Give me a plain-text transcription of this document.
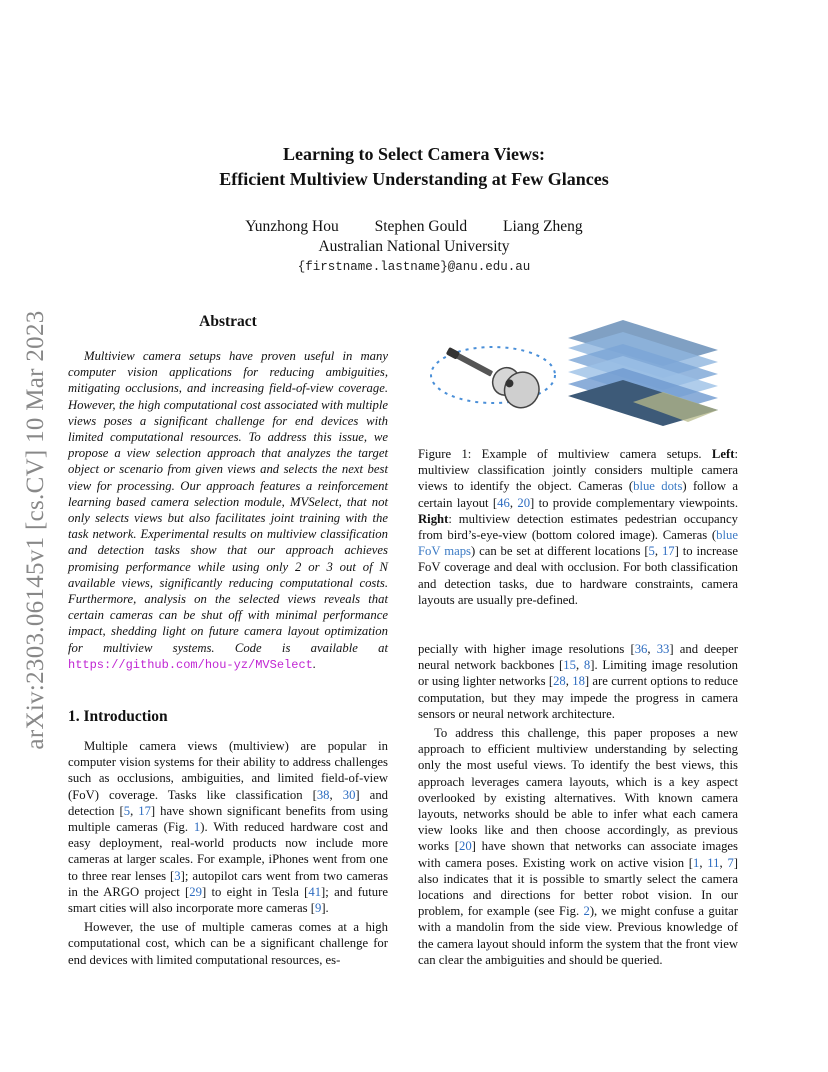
arXiv:2303.06145v1 [cs.CV] 10 Mar 2023
Learning to Select Camera Views:
Efficient Multiview Understanding at Few Glances
Yunzhong Hou Stephen Gould Liang Zheng
Australian National University
{firstname.lastname}@anu.edu.au
Abstract

Multiview camera setups have proven useful in many computer vision applications for reducing ambiguities, mitigating occlusions, and increasing field-of-view coverage. However, the high computational cost associated with multiple views poses a significant challenge for end devices with limited computational resources. To address this issue, we propose a view selection approach that analyzes the target object or scenario from given views and selects the next best view for processing. Our approach features a reinforcement learning based camera selection module, MVSelect, that not only selects views but also facilitates joint training with the task network. Experimental results on multiview classification and detection tasks show that our approach achieves promising performance while using only 2 or 3 out of N available views, significantly reducing computational costs. Furthermore, analysis on the selected views reveals that certain cameras can be shut off with minimal performance impact, shedding light on future camera layout optimization for multiview systems. Code is available at https://github.com/hou-yz/MVSelect.

Figure 1: Example of multiview camera setups. Left: multiview classification jointly considers multiple camera views to identify the object. Cameras (blue dots) follow a certain layout [46, 20] to provide complementary viewpoints. Right: multiview detection estimates pedestrian occupancy from bird’s-eye-view (bottom colored image). Cameras (blue FoV maps) can be set at different locations [5, 17] to increase FoV coverage and deal with occlusion. For both classification and detection tasks, due to hardware constraints, camera layouts are usually pre-defined.

1. Introduction

Multiple camera views (multiview) are popular in computer vision systems for their ability to address challenges such as occlusions, ambiguities, and limited field-of-view (FoV) coverage. Tasks like classification [38, 30] and detection [5, 17] have shown significant benefits from using multiple cameras (Fig. 1). With reduced hardware cost and easy deployment, real-world products now include more cameras at larger scales. For example, iPhones went from one to three rear lenses [3]; autopilot cars went from two cameras in the ARGO project [29] to eight in Tesla [41]; and future smart cities will also incorporate more cameras [9].

However, the use of multiple cameras comes at a high computational cost, which can be a significant challenge for end devices with limited computational resources, es-

pecially with higher image resolutions [36, 33] and deeper neural network backbones [15, 8]. Limiting image resolution or using lighter networks [28, 18] are current options to reduce computation, but they may impede the progress in camera sensors or neural network architecture.

To address this challenge, this paper proposes a new approach to efficient multiview understanding by selecting only the most useful views. To identify the best views, this approach leverages camera layouts, which is a key aspect overlooked by existing alternatives. With known camera layouts, networks should be able to infer what each camera view looks like and then choose accordingly, as previous works [20] have shown that networks can associate images with camera poses. Existing work on active vision [1, 11, 7] also indicates that it is possible to smartly select the camera locations and directions for better robot vision. In our problem, for example (see Fig. 2), we might confuse a guitar with a mandolin from the side view. Previous knowledge of the camera layout should inform the system that the front view can clear the ambiguities and should be queried.
